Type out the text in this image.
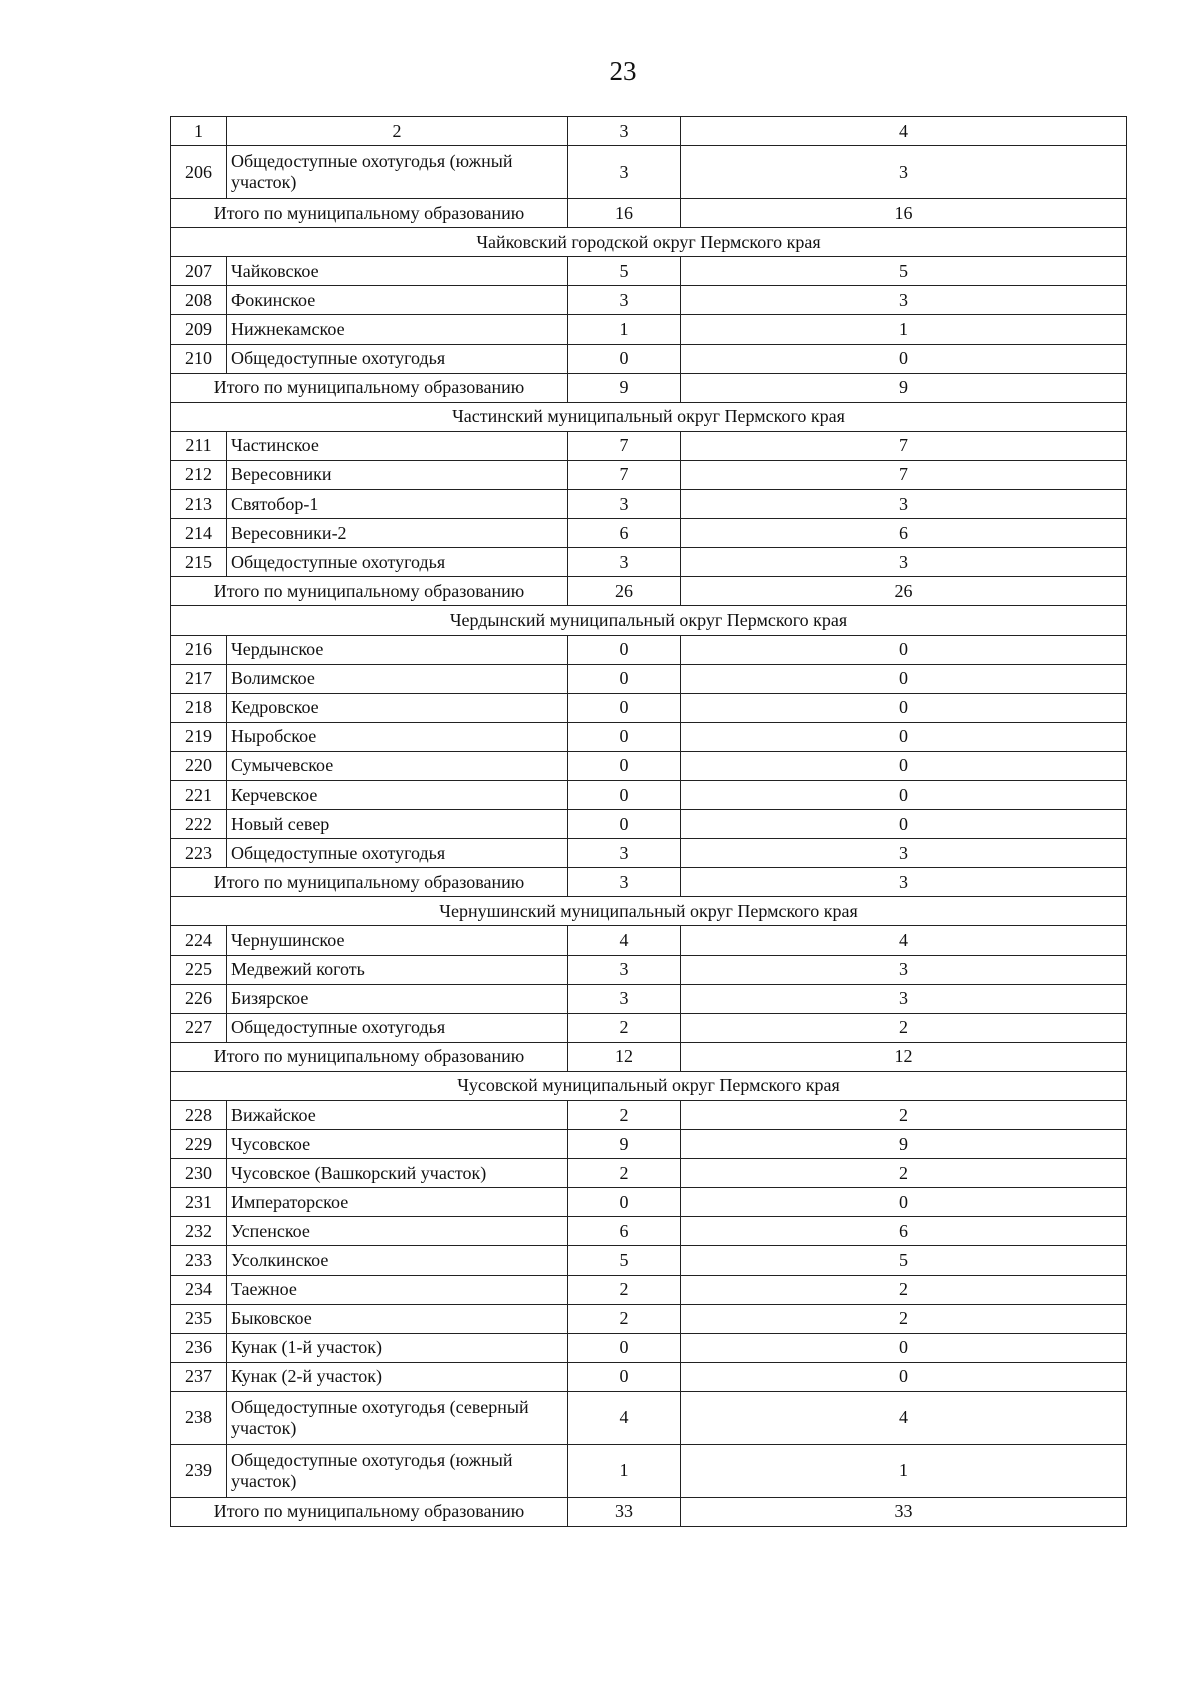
23
1	2	3	4
206	Общедоступные охотугодья (южный участок)	3	3
Итого по муниципальному образованию		16	16
Чайковский городской округ Пермского края			
207	Чайковское	5	5
208	Фокинское	3	3
209	Нижнекамское	1	1
210	Общедоступные охотугодья	0	0
Итого по муниципальному образованию		9	9
Частинский муниципальный округ Пермского края			
211	Частинское	7	7
212	Вересовники	7	7
213	Святобор-1	3	3
214	Вересовники-2	6	6
215	Общедоступные охотугодья	3	3
Итого по муниципальному образованию		26	26
Чердынский муниципальный округ Пермского края			
216	Чердынское	0	0
217	Волимское	0	0
218	Кедровское	0	0
219	Ныробское	0	0
220	Сумычевское	0	0
221	Керчевское	0	0
222	Новый север	0	0
223	Общедоступные охотугодья	3	3
Итого по муниципальному образованию		3	3
Чернушинский муниципальный округ Пермского края			
224	Чернушинское	4	4
225	Медвежий коготь	3	3
226	Бизярское	3	3
227	Общедоступные охотугодья	2	2
Итого по муниципальному образованию		12	12
Чусовской муниципальный округ Пермского края			
228	Вижайское	2	2
229	Чусовское	9	9
230	Чусовское (Вашкорский участок)	2	2
231	Императорское	0	0
232	Успенское	6	6
233	Усолкинское	5	5
234	Таежное	2	2
235	Быковское	2	2
236	Кунак (1-й участок)	0	0
237	Кунак (2-й участок)	0	0
238	Общедоступные охотугодья (северный участок)	4	4
239	Общедоступные охотугодья (южный участок)	1	1
Итого по муниципальному образованию		33	33
